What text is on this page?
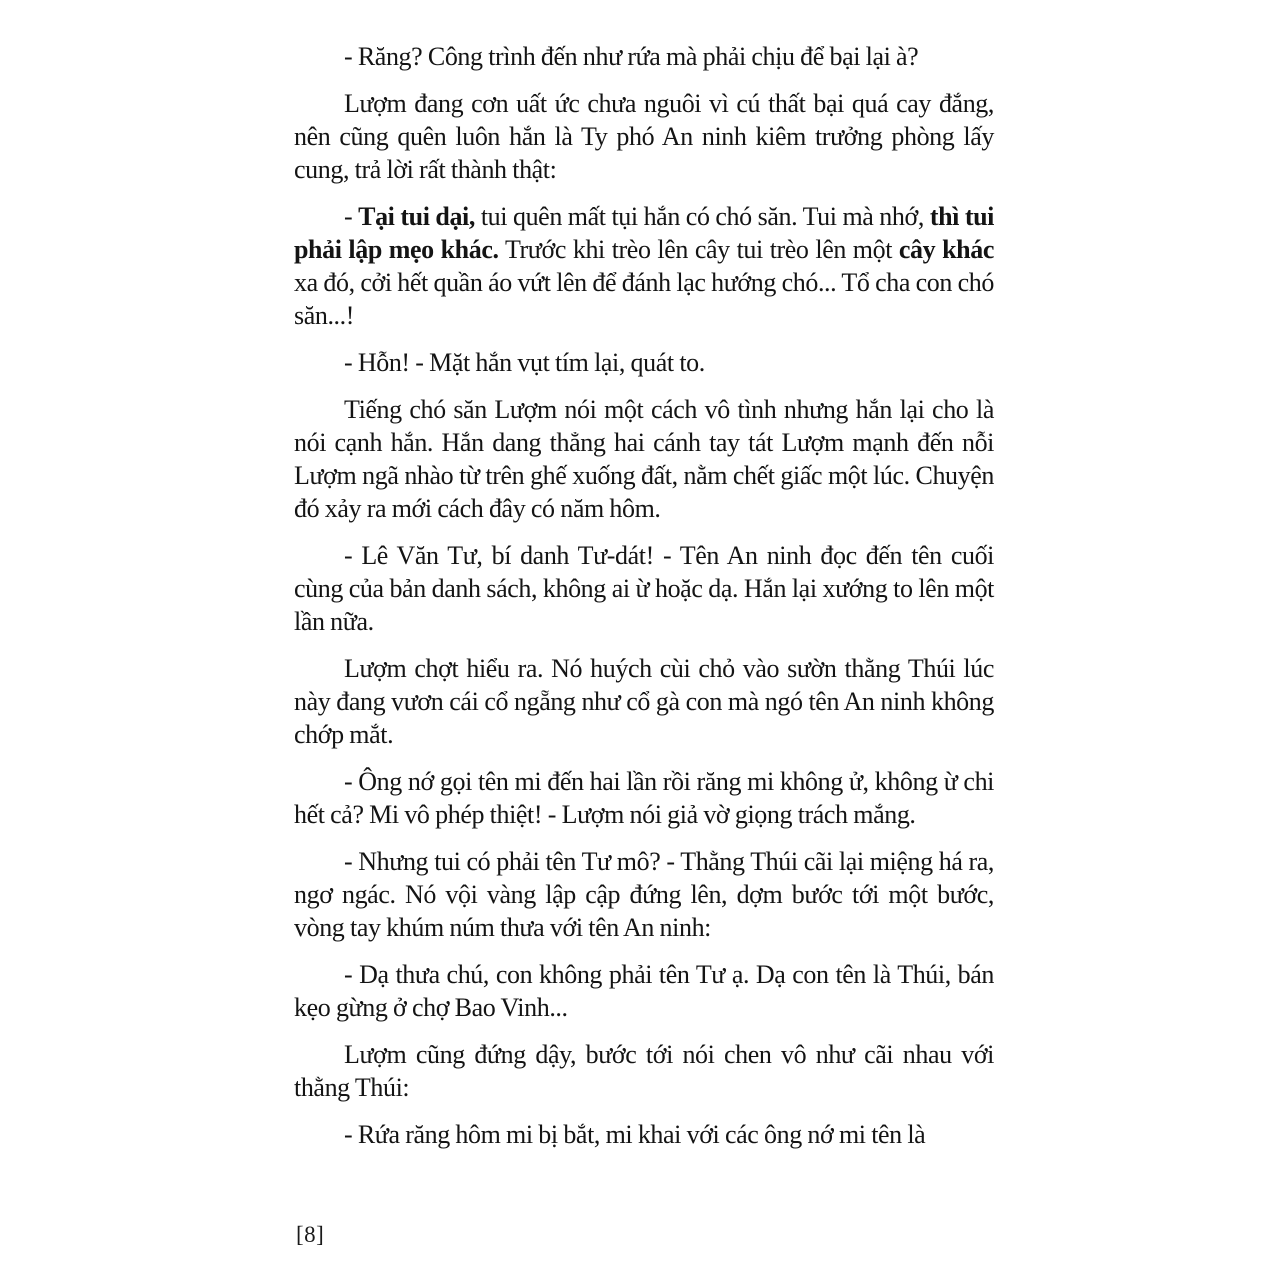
- Răng? Công trình đến như rứa mà phải chịu để bại lại à?

Lượm đang cơn uất ức chưa nguôi vì cú thất bại quá cay đắng, nên cũng quên luôn hắn là Ty phó An ninh kiêm trưởng phòng lấy cung, trả lời rất thành thật:

- Tại tui dại, tui quên mất tụi hắn có chó săn. Tui mà nhớ, thì tui phải lập mẹo khác. Trước khi trèo lên cây tui trèo lên một cây khác xa đó, cởi hết quần áo vứt lên để đánh lạc hướng chó... Tổ cha con chó săn...!

- Hỗn! - Mặt hắn vụt tím lại, quát to.

Tiếng chó săn Lượm nói một cách vô tình nhưng hắn lại cho là nói cạnh hắn. Hắn dang thẳng hai cánh tay tát Lượm mạnh đến nỗi Lượm ngã nhào từ trên ghế xuống đất, nằm chết giấc một lúc. Chuyện đó xảy ra mới cách đây có năm hôm.

- Lê Văn Tư, bí danh Tư-dát! - Tên An ninh đọc đến tên cuối cùng của bản danh sách, không ai ừ hoặc dạ. Hắn lại xướng to lên một lần nữa.

Lượm chợt hiểu ra. Nó huých cùi chỏ vào sườn thằng Thúi lúc này đang vươn cái cổ ngẵng như cổ gà con mà ngó tên An ninh không chớp mắt.

- Ông nớ gọi tên mi đến hai lần rồi răng mi không ử, không ừ chi hết cả? Mi vô phép thiệt! - Lượm nói giả vờ giọng trách mắng.

- Nhưng tui có phải tên Tư mô? - Thằng Thúi cãi lại miệng há ra, ngơ ngác. Nó vội vàng lập cập đứng lên, dợm bước tới một bước, vòng tay khúm núm thưa với tên An ninh:

- Dạ thưa chú, con không phải tên Tư ạ. Dạ con tên là Thúi, bán kẹo gừng ở chợ Bao Vinh...

Lượm cũng đứng dậy, bước tới nói chen vô như cãi nhau với thằng Thúi:

- Rứa răng hôm mi bị bắt, mi khai với các ông nớ mi tên là

[8]
